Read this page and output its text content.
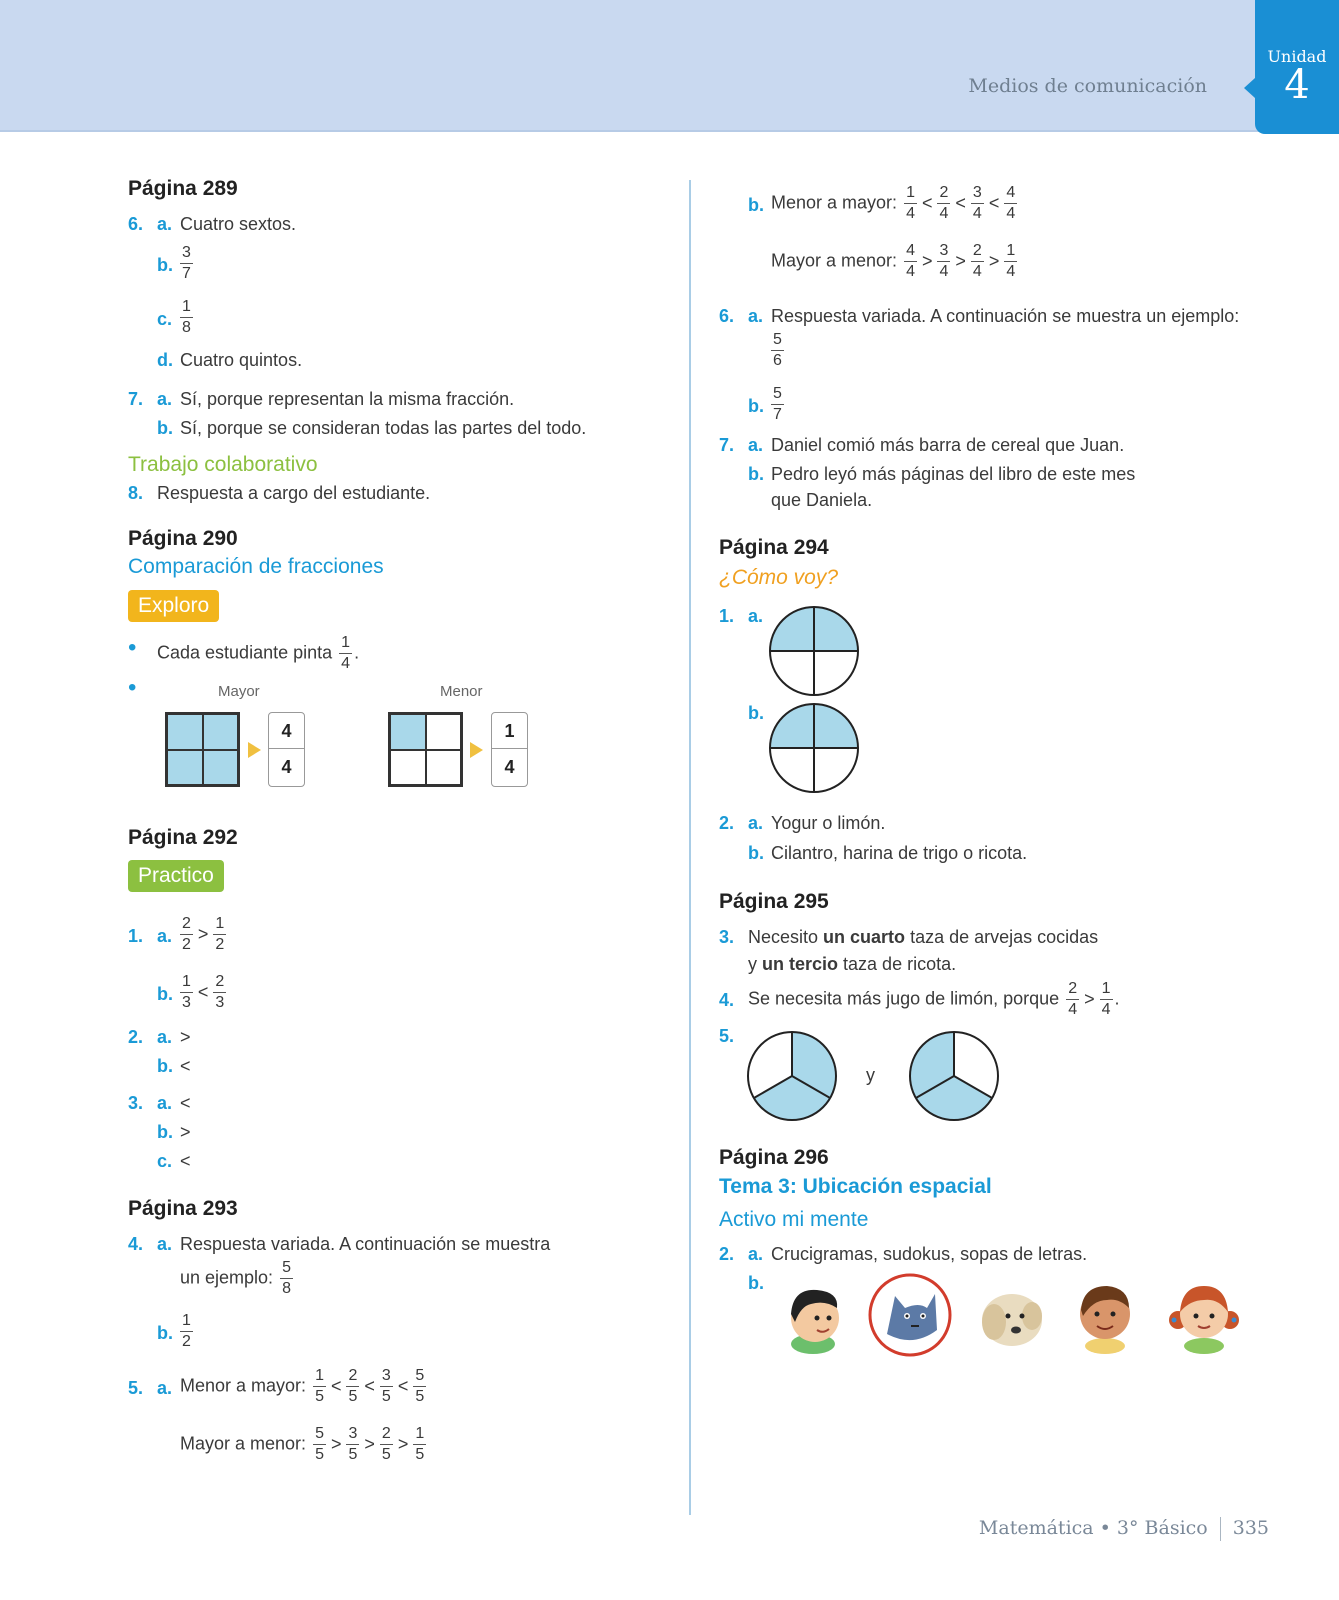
Medios de comunicación
Unidad
4
Página 289
6. a. Cuatro sextos.
b. $\frac{3}{7}$
c. $\frac{1}{8}$
d. Cuatro quintos.
7. a. Sí, porque representan la misma fracción.
b. Sí, porque se consideran todas las partes del todo.
Trabajo colaborativo
8. Respuesta a cargo del estudiante.
Página 290
Comparación de fracciones
Exploro
• Cada estudiante pinta $\frac{1}{4}$ .
•	Mayor
4
4
Menor
1
4
Página 292
Practico
1. a. $\frac{2}{2} > \frac{1}{2}$
b. $\frac{1}{3} < \frac{2}{3}$
2. a. >
b. <
3. a. <
b. >
c. <
Página 293
4. a. Respuesta variada. A continuación se muestra
un ejemplo: $\frac{5}{8}$
b. $\frac{1}{2}$
5. a. Menor a mayor: $\frac{1}{5} < \frac{2}{5} < \frac{3}{5} < \frac{5}{5}$
Mayor a menor: $\frac{5}{5} > \frac{3}{5} > \frac{2}{5} > \frac{1}{5}$
b. Menor a mayor: $\frac{1}{4} < \frac{2}{4} < \frac{3}{4} < \frac{4}{4}$
Mayor a menor: $\frac{4}{4} > \frac{3}{4} > \frac{2}{4} > \frac{1}{4}$
6. a. Respuesta variada. A continuación se muestra un ejemplo:
$\frac{5}{6}$
b. $\frac{5}{7}$
7. a. Daniel comió más barra de cereal que Juan.
b. Pedro leyó más páginas del libro de este mes
que Daniela.
Página 294
¿Cómo voy?
1. a.
b.
2. a. Yogur o limón.
b. Cilantro, harina de trigo o ricota.
Página 295
3. Necesito un cuarto taza de arvejas cocidas
y un tercio taza de ricota.
4. Se necesita más jugo de limón, porque $\frac{2}{4} > \frac{1}{4}$ .
5.
y
Página 296
Tema 3: Ubicación espacial
Activo mi mente
2. a. Crucigramas, sudokus, sopas de letras.
b.
Matemática • 3° Básico 335
